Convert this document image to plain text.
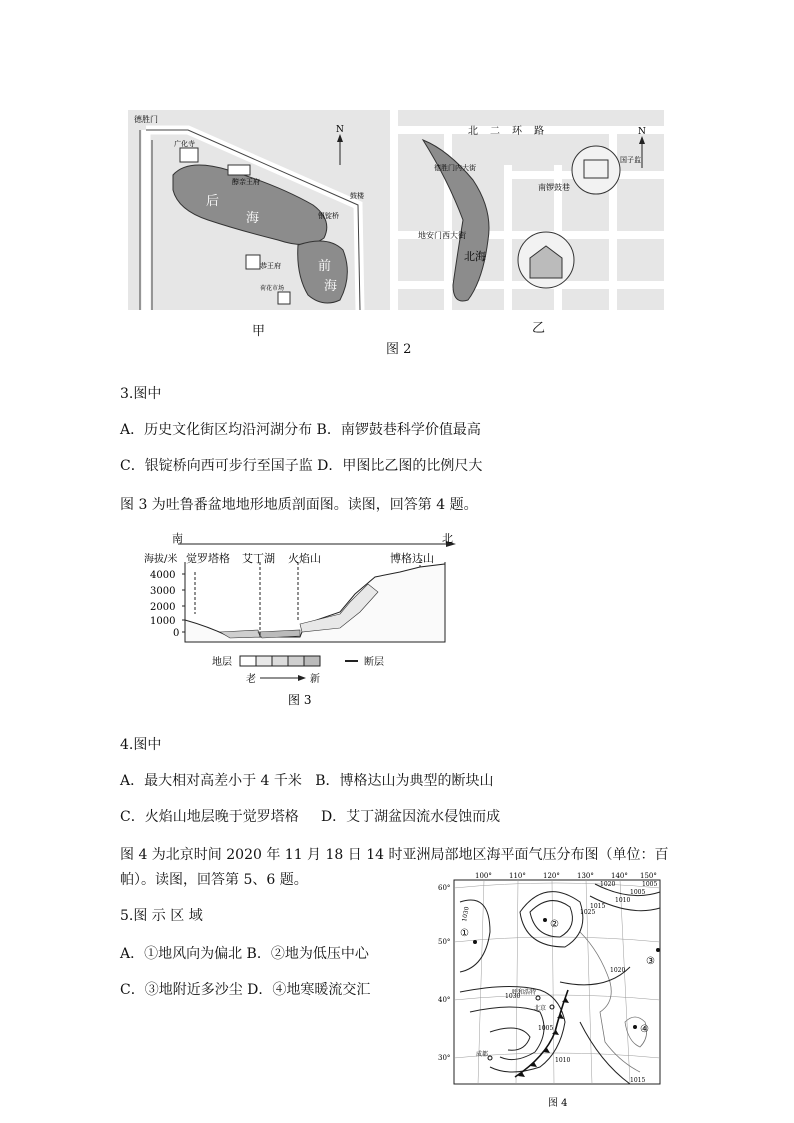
德胜门
广化寺
醇亲王府
后
海
前
海
银锭桥
恭王府
荷花市场
鼓楼
N
甲
N
北二环路
国子监
南锣鼓巷
地安门西大街
北海
德胜门内大街
乙
图 2
3.图中
A．历史文化街区均沿河湖分布 B．南锣鼓巷科学价值最高
C．银锭桥向西可步行至国子监 D．甲图比乙图的比例尺大
图 3 为吐鲁番盆地地形地质剖面图。读图，回答第 4 题。
南	北
海拔/米
4000
3000
2000
1000
0
觉罗塔格 艾丁湖 火焰山	博格达山
地层	断层
老	新
图 3
4.图中
A．最大相对高差小于 4 千米   B．博格达山为典型的断块山
C．火焰山地层晚于觉罗塔格     D．艾丁湖盆因流水侵蚀而成
图 4 为北京时间 2020 年 11 月 18 日 14 时亚洲局部地区海平面气压分布图（单位：百
帕）。读图，回答第 5、6 题。
5.图 示 区 域
A．①地风向为偏北 B．②地为低压中心
C．③地附近多沙尘 D．④地寒暖流交汇
100° 110° 120° 130° 140° 150°
60°
50°
40°
30°
1030	1025
1020
1015
1010
1005
1030
1020
1010
1005
1015
1005
①
②
③
④
呼和浩特
北京
成都
图 4
